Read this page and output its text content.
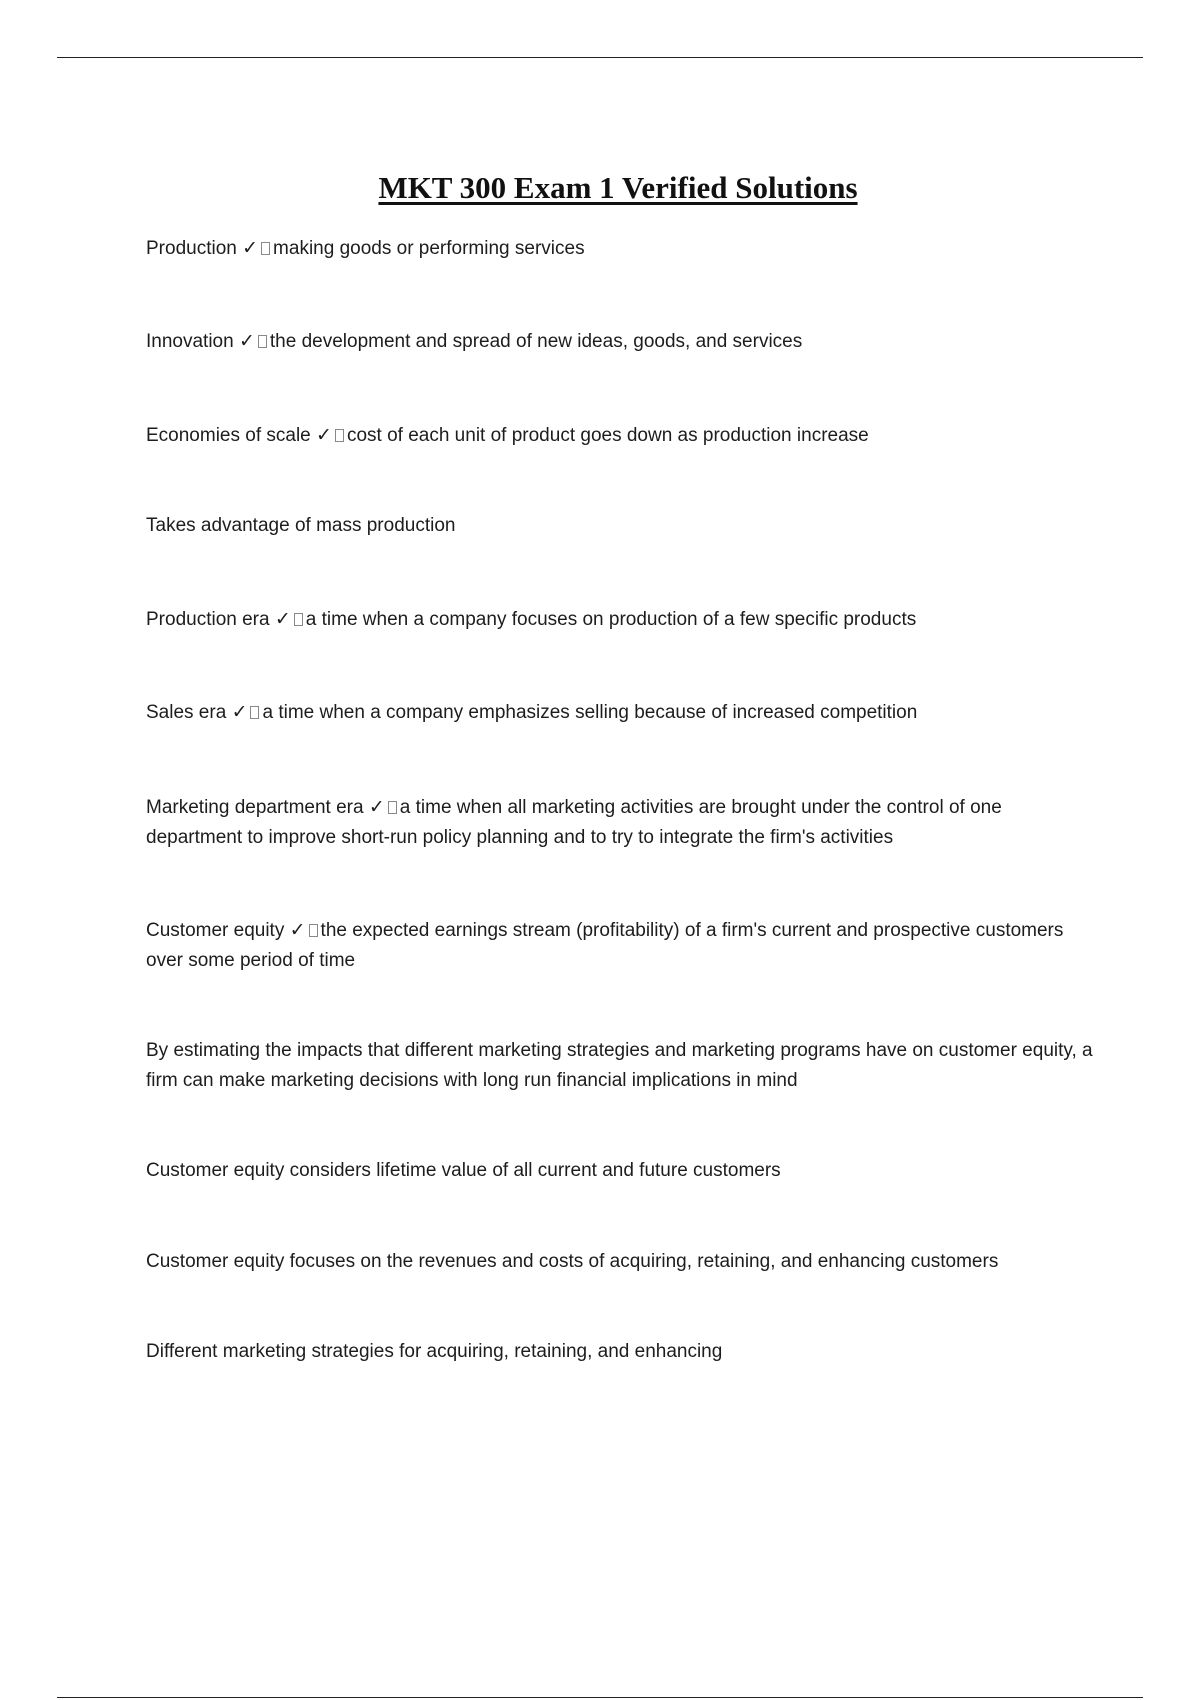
MKT 300 Exam 1 Verified Solutions
Production ✓ making goods or performing services
Innovation ✓ the development and spread of new ideas, goods, and services
Economies of scale ✓ cost of each unit of product goes down as production increase
Takes advantage of mass production
Production era ✓ a time when a company focuses on production of a few specific products
Sales era ✓ a time when a company emphasizes selling because of increased competition
Marketing department era ✓ a time when all marketing activities are brought under the control of one department to improve short-run policy planning and to try to integrate the firm's activities
Customer equity ✓ the expected earnings stream (profitability) of a firm's current and prospective customers over some period of time
By estimating the impacts that different marketing strategies and marketing programs have on customer equity, a firm can make marketing decisions with long run financial implications in mind
Customer equity considers lifetime value of all current and future customers
Customer equity focuses on the revenues and costs of acquiring, retaining, and enhancing customers
Different marketing strategies for acquiring, retaining, and enhancing
